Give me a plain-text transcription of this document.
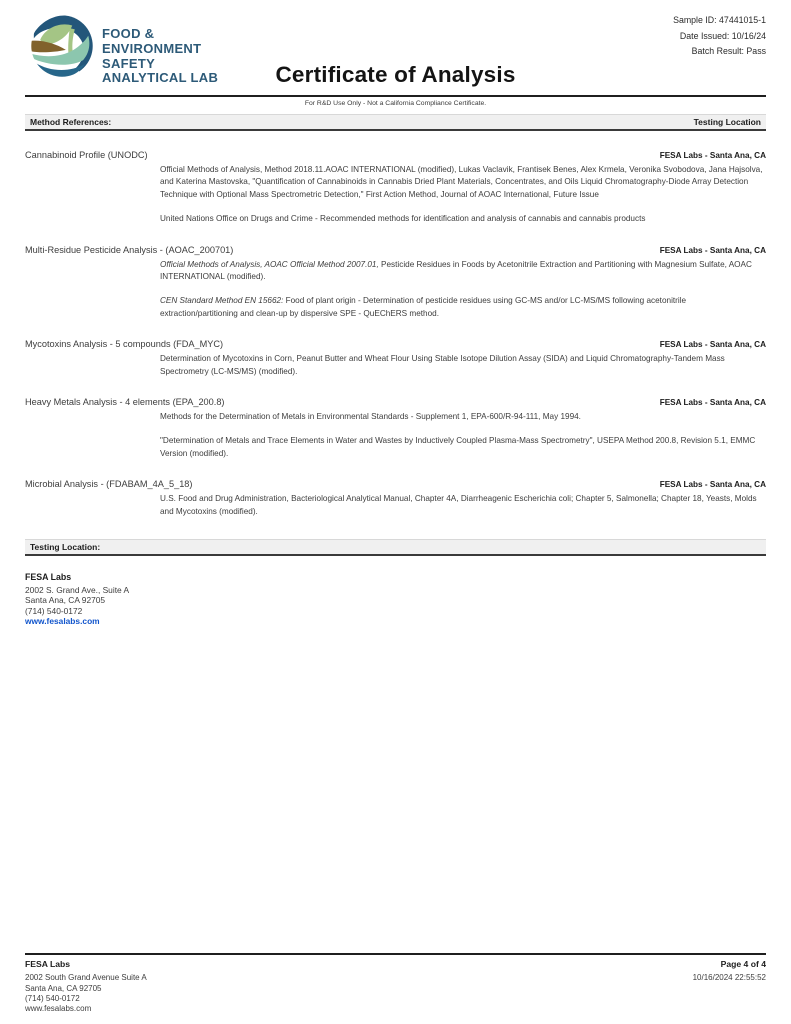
FOOD &
ENVIRONMENT
SAFETY
ANALYTICAL LAB
Sample ID: 47441015-1
Date Issued: 10/16/24
Batch Result: Pass
Certificate of Analysis
For R&D Use Only - Not a California Compliance Certificate.
Method References:	Testing Location
Cannabinoid Profile (UNODC)	FESA Labs - Santa Ana, CA

Official Methods of Analysis, Method 2018.11.AOAC INTERNATIONAL (modified), Lukas Vaclavik, Frantisek Benes, Alex Krmela, Veronika Svobodova, Jana Hajsolva, and Katerina Mastovska, "Quantification of Cannabinoids in Cannabis Dried Plant Materials, Concentrates, and Oils Liquid Chromatography-Diode Array Detection Technique with Optional Mass Spectrometric Detection," First Action Method, Journal of AOAC International, Future Issue

United Nations Office on Drugs and Crime - Recommended methods for identification and analysis of cannabis and cannabis products

Multi-Residue Pesticide Analysis - (AOAC_200701)	FESA Labs - Santa Ana, CA

Official Methods of Analysis, AOAC Official Method 2007.01, Pesticide Residues in Foods by Acetonitrile Extraction and Partitioning with Magnesium Sulfate, AOAC INTERNATIONAL (modified).

CEN Standard Method EN 15662: Food of plant origin - Determination of pesticide residues using GC-MS and/or LC-MS/MS following acetonitrile extraction/partitioning and clean-up by dispersive SPE - QuEChERS method.

Mycotoxins Analysis - 5 compounds (FDA_MYC)	FESA Labs - Santa Ana, CA

Determination of Mycotoxins in Corn, Peanut Butter and Wheat Flour Using Stable Isotope Dilution Assay (SIDA) and Liquid Chromatography-Tandem Mass Spectrometry (LC-MS/MS) (modified).

Heavy Metals Analysis - 4 elements (EPA_200.8)	FESA Labs - Santa Ana, CA

Methods for the Determination of Metals in Environmental Standards - Supplement 1, EPA-600/R-94-111, May 1994.

"Determination of Metals and Trace Elements in Water and Wastes by Inductively Coupled Plasma-Mass Spectrometry", USEPA Method 200.8, Revision 5.1, EMMC Version (modified).

Microbial Analysis - (FDABAM_4A_5_18)	FESA Labs - Santa Ana, CA

U.S. Food and Drug Administration, Bacteriological Analytical Manual, Chapter 4A, Diarrheagenic Escherichia coli; Chapter 5, Salmonella; Chapter 18, Yeasts, Molds and Mycotoxins (modified).

Testing Location:
FESA Labs
2002 S. Grand Ave., Suite A
Santa Ana, CA 92705
(714) 540-0172
www.fesalabs.com
FESA Labs
2002 South Grand Avenue Suite A
Santa Ana, CA 92705
(714) 540-0172
www.fesalabs.com
Page 4 of 4
10/16/2024 22:55:52
